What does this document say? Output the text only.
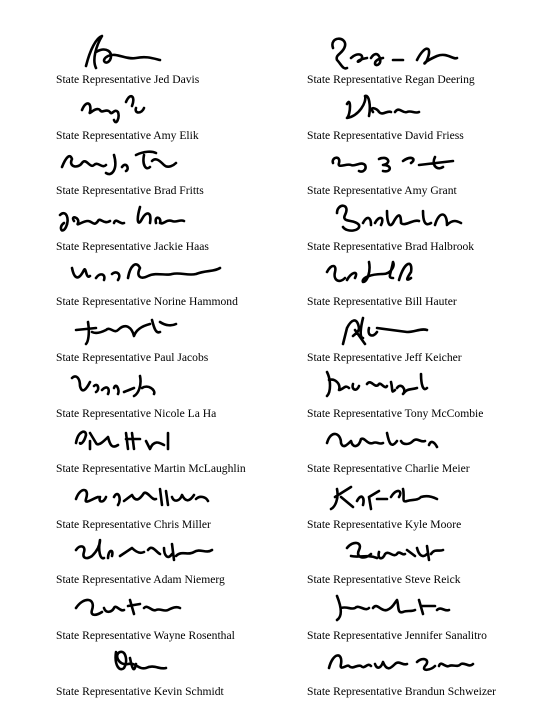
State Representative Jed Davis	State Representative Regan Deering
State Representative Amy Elik	State Representative David Friess
State Representative Brad Fritts	State Representative Amy Grant
State Representative Jackie Haas	State Representative Brad Halbrook
State Representative Norine Hammond	State Representative Bill Hauter
State Representative Paul Jacobs	State Representative Jeff Keicher
State Representative Nicole La Ha	State Representative Tony McCombie
State Representative Martin McLaughlin	State Representative Charlie Meier
State Representative Chris Miller	State Representative Kyle Moore
State Representative Adam Niemerg	State Representative Steve Reick
State Representative Wayne Rosenthal	State Representative Jennifer Sanalitro
State Representative Kevin Schmidt	State Representative Brandun Schweizer
